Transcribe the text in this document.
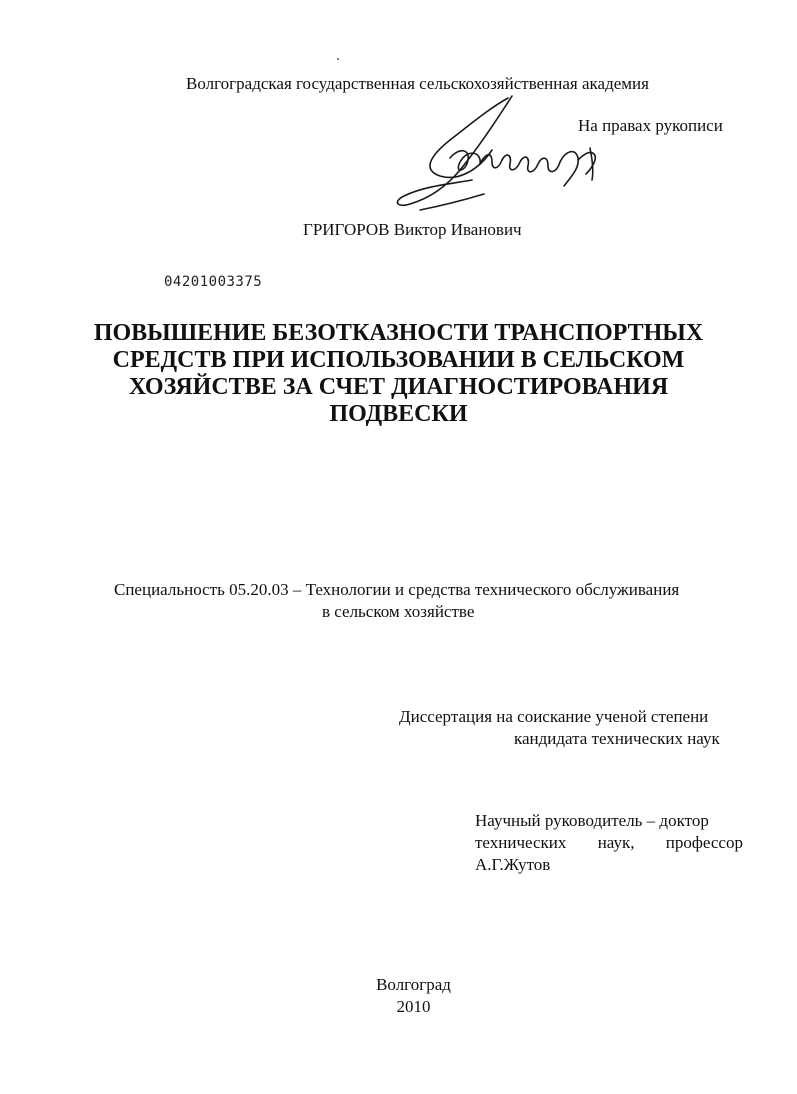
Волгоградская государственная сельскохозяйственная академия
На правах рукописи
ГРИГОРОВ Виктор Иванович
04201003375
ПОВЫШЕНИЕ БЕЗОТКАЗНОСТИ ТРАНСПОРТНЫХ
СРЕДСТВ ПРИ ИСПОЛЬЗОВАНИИ В СЕЛЬСКОМ
ХОЗЯЙСТВЕ ЗА СЧЕТ ДИАГНОСТИРОВАНИЯ
ПОДВЕСКИ
Специальность 05.20.03 – Технологии и средства технического обслуживания
в сельском хозяйстве
Диссертация на соискание ученой степени
кандидата технических наук
Научный руководитель – доктор
технических наук, профессор
А.Г.Жутов
Волгоград
2010
